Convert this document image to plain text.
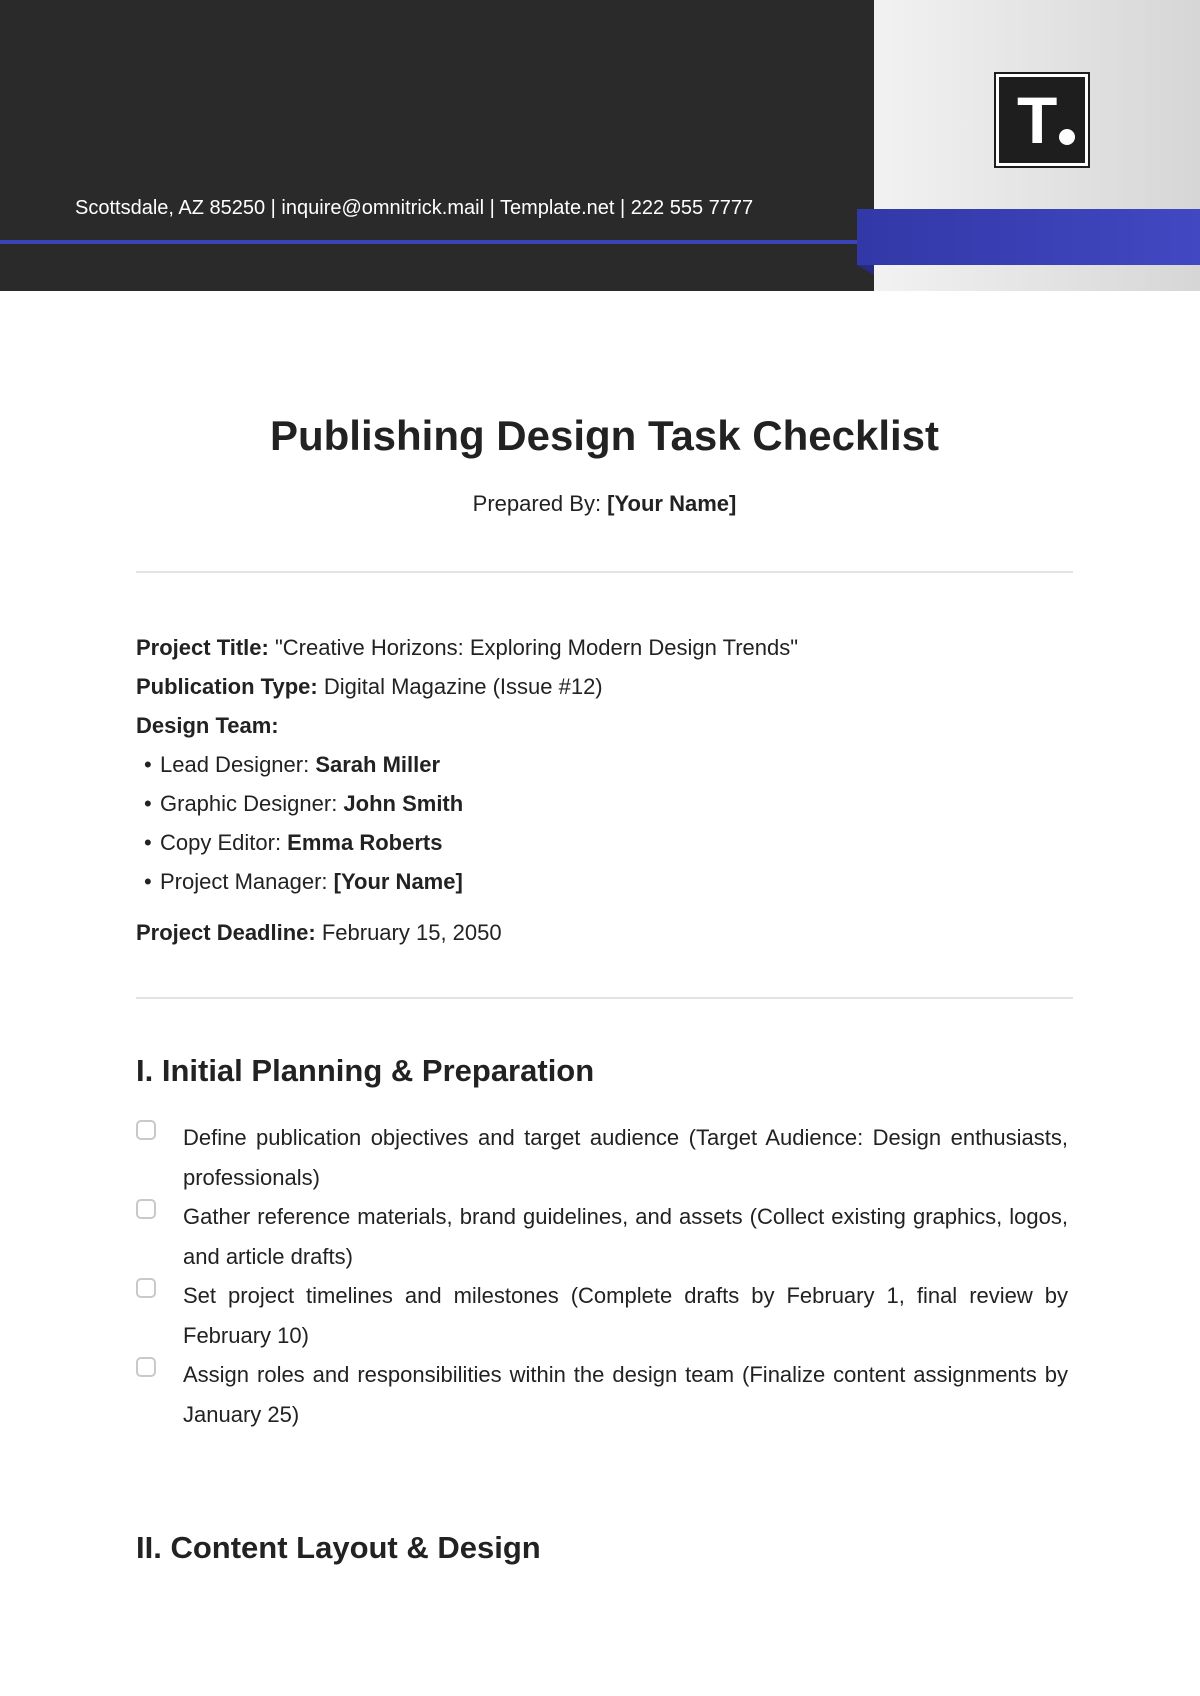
Scottsdale, AZ 85250 | inquire@omnitrick.mail | Template.net | 222 555 7777
T
Publishing Design Task Checklist
Prepared By: [Your Name]
Project Title: "Creative Horizons: Exploring Modern Design Trends"
Publication Type: Digital Magazine (Issue #12)
Design Team:
• Lead Designer: Sarah Miller
• Graphic Designer: John Smith
• Copy Editor: Emma Roberts
• Project Manager: [Your Name]
Project Deadline: February 15, 2050
I. Initial Planning & Preparation
Define publication objectives and target audience (Target Audience: Design enthusiasts, professionals)
Gather reference materials, brand guidelines, and assets (Collect existing graphics, logos, and article drafts)
Set project timelines and milestones (Complete drafts by February 1, final review by February 10)
Assign roles and responsibilities within the design team (Finalize content assignments by January 25)
II. Content Layout & Design
